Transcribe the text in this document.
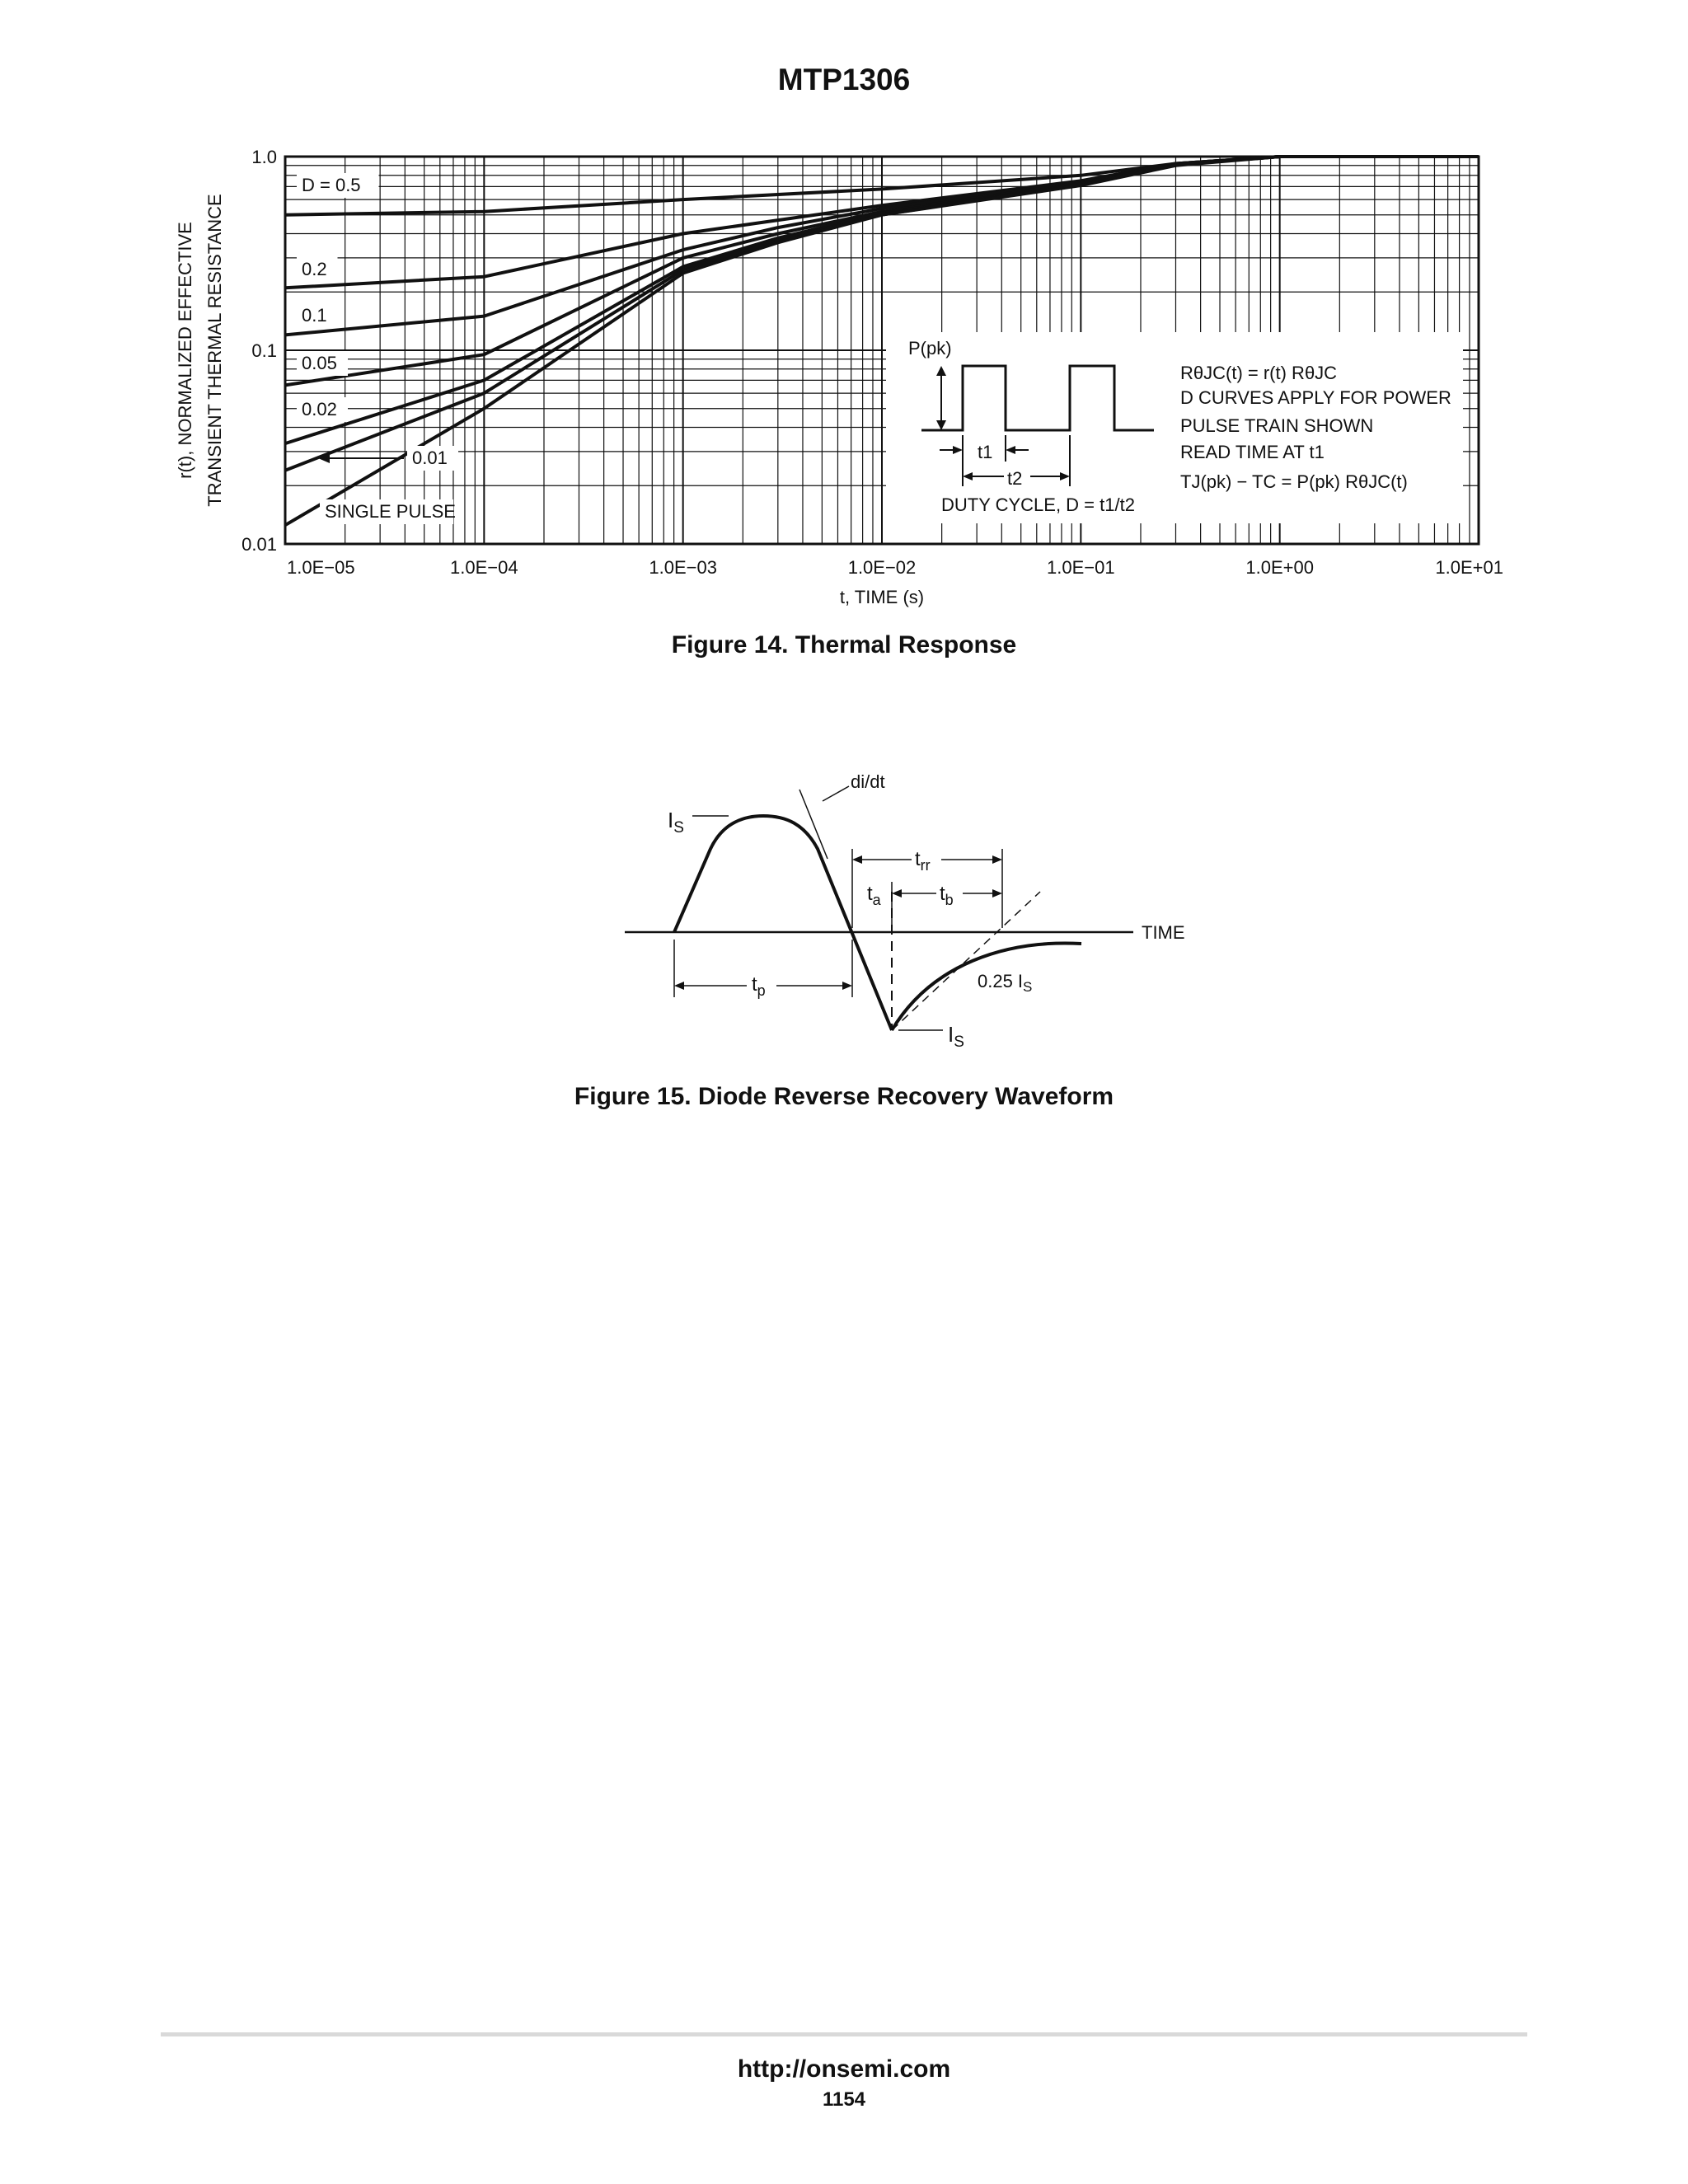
MTP1306
1.0E−05	1.0E−04	1.0E−03	1.0E−02	1.0E−01	1.0E+00	1.0E+01
1.0
0.1
0.01
D = 0.5
0.2
0.1
0.05
0.02
0.01
SINGLE PULSE
t, TIME (s)
r(t), NORMALIZED EFFECTIVE TRANSIENT THERMAL RESISTANCE	P(pk)
t1
t2
DUTY CYCLE, D = t1/t2
RθJC(t) = r(t) RθJC
D CURVES APPLY FOR POWER
PULSE TRAIN SHOWN
READ TIME AT t1
TJ(pk) − TC = P(pk) RθJC(t)
Figure 14. Thermal Response
TIME
di/dt
$I_S$
$t_{rr}$
$t_a$	$t_b$
$t_p$	0.25 $I_S$
$I_S$
Figure 15. Diode Reverse Recovery Waveform
http://onsemi.com
1154
